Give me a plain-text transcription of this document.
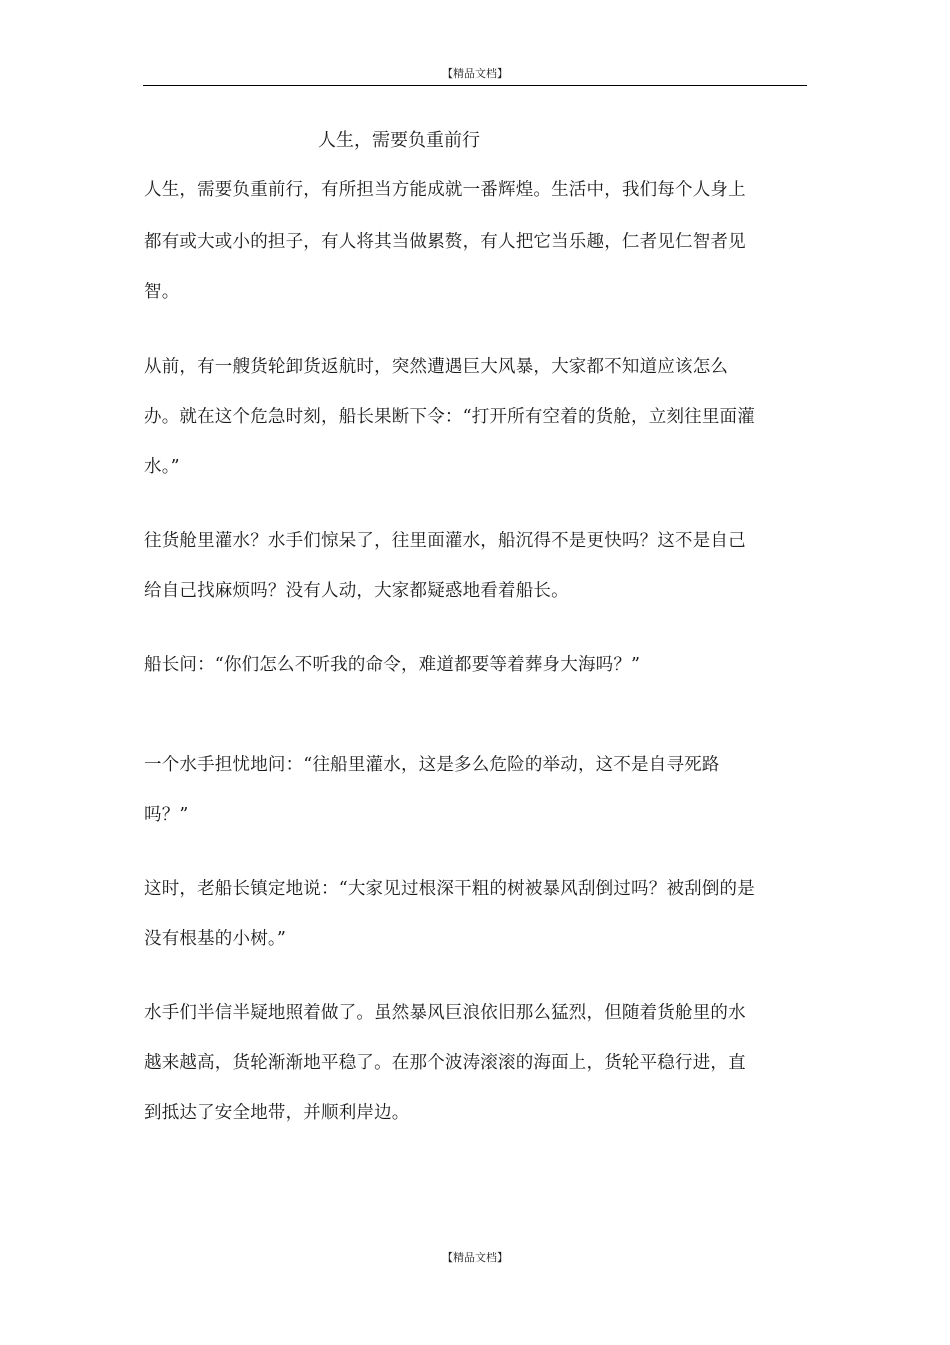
【精品文档】
人生，需要负重前行
人生，需要负重前行，有所担当方能成就一番辉煌。生活中，我们每个人身上
都有或大或小的担子，有人将其当做累赘，有人把它当乐趣，仁者见仁智者见
智。
从前，有一艘货轮卸货返航时，突然遭遇巨大风暴，大家都不知道应该怎么
办。就在这个危急时刻，船长果断下令：“打开所有空着的货舱，立刻往里面灌
水。”
往货舱里灌水？水手们惊呆了，往里面灌水，船沉得不是更快吗？这不是自己
给自己找麻烦吗？没有人动，大家都疑惑地看着船长。
船长问：“你们怎么不听我的命令，难道都要等着葬身大海吗？”
一个水手担忧地问：“往船里灌水，这是多么危险的举动，这不是自寻死路
吗？”
这时，老船长镇定地说：“大家见过根深干粗的树被暴风刮倒过吗？被刮倒的是
没有根基的小树。”
水手们半信半疑地照着做了。虽然暴风巨浪依旧那么猛烈，但随着货舱里的水
越来越高，货轮渐渐地平稳了。在那个波涛滚滚的海面上，货轮平稳行进，直
到抵达了安全地带，并顺利岸边。
【精品文档】
